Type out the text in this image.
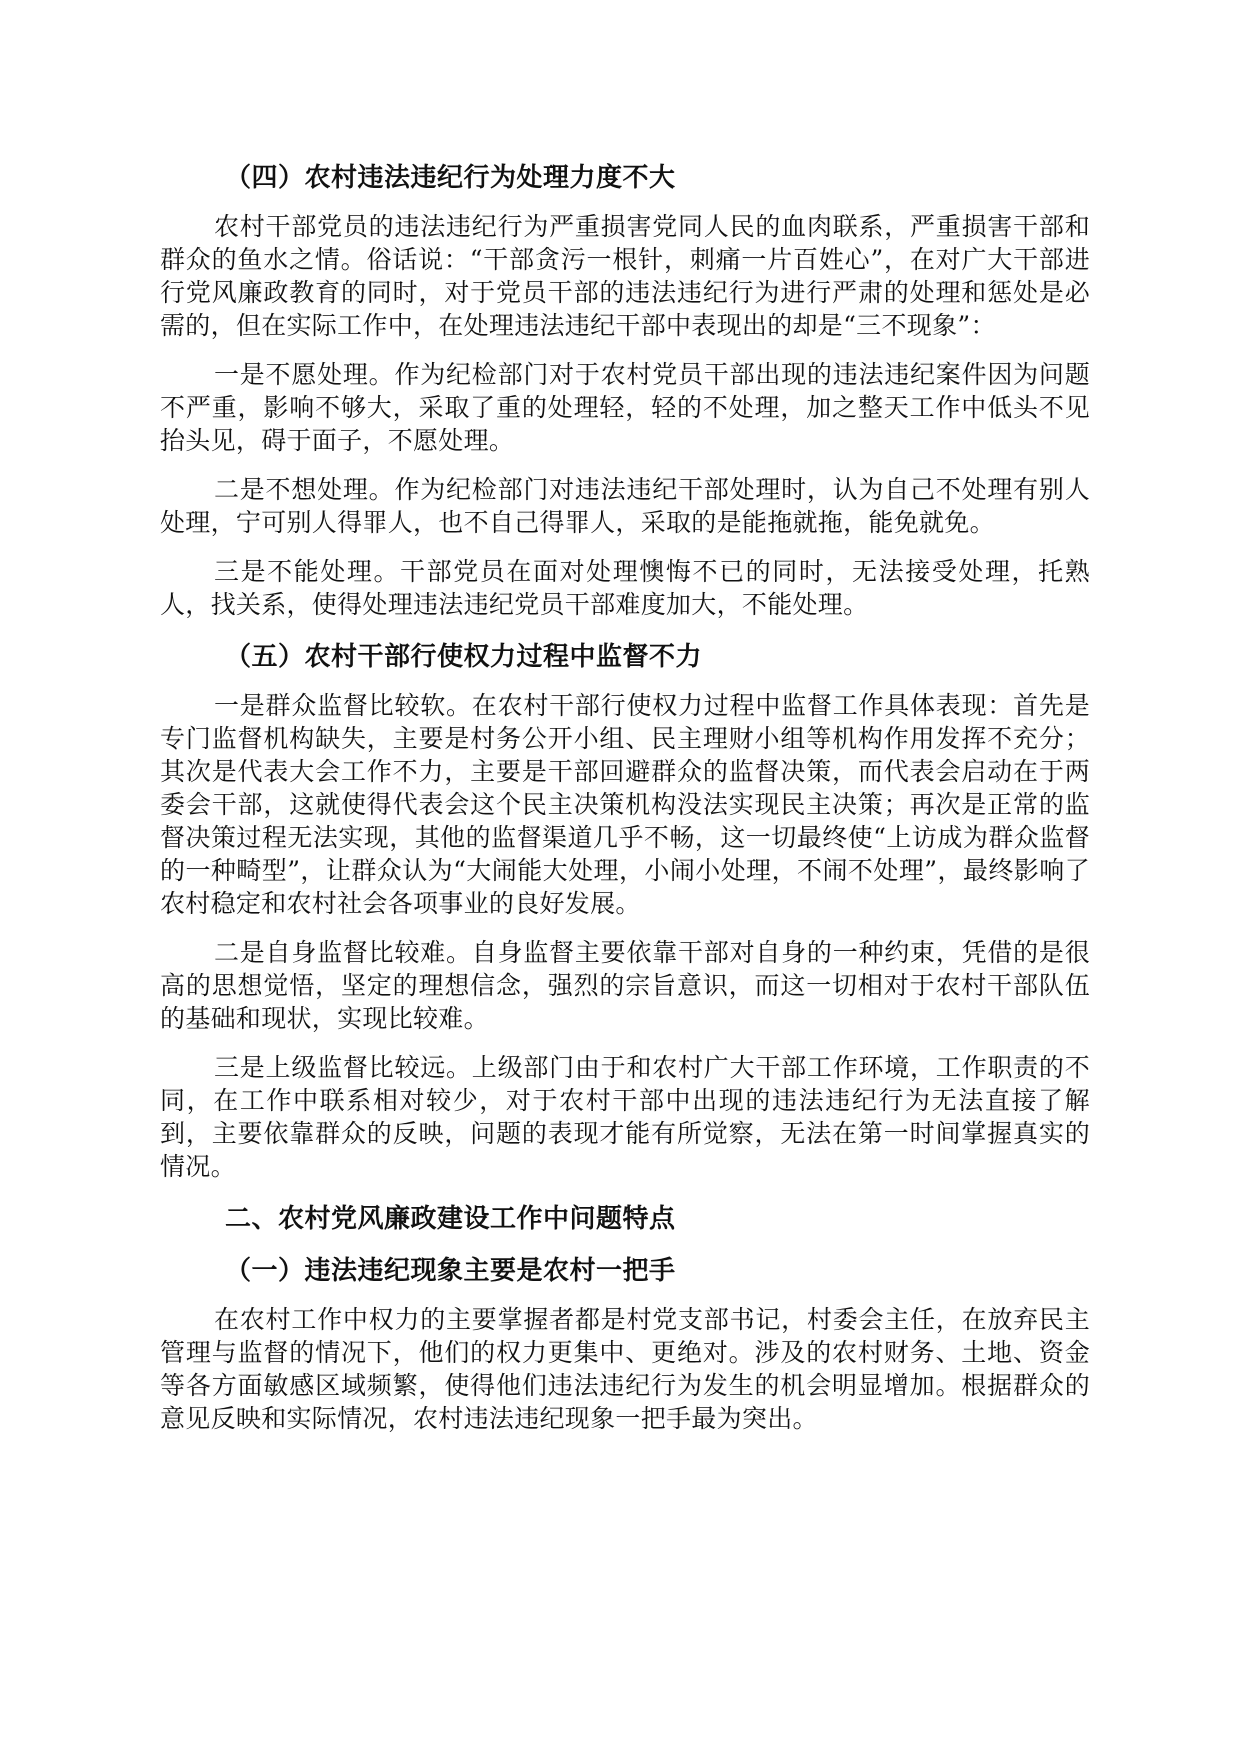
（四）农村违法违纪行为处理力度不大

农村干部党员的违法违纪行为严重损害党同人民的血肉联系，严重损害干部和群众的鱼水之情。俗话说：“干部贪污一根针，刺痛一片百姓心”，在对广大干部进行党风廉政教育的同时，对于党员干部的违法违纪行为进行严肃的处理和惩处是必需的，但在实际工作中，在处理违法违纪干部中表现出的却是“三不现象”：

一是不愿处理。作为纪检部门对于农村党员干部出现的违法违纪案件因为问题不严重，影响不够大，采取了重的处理轻，轻的不处理，加之整天工作中低头不见抬头见，碍于面子，不愿处理。

二是不想处理。作为纪检部门对违法违纪干部处理时，认为自己不处理有别人处理，宁可别人得罪人，也不自己得罪人，采取的是能拖就拖，能免就免。

三是不能处理。干部党员在面对处理懊悔不已的同时，无法接受处理，托熟人，找关系，使得处理违法违纪党员干部难度加大，不能处理。

（五）农村干部行使权力过程中监督不力

一是群众监督比较软。在农村干部行使权力过程中监督工作具体表现：首先是专门监督机构缺失，主要是村务公开小组、民主理财小组等机构作用发挥不充分；其次是代表大会工作不力，主要是干部回避群众的监督决策，而代表会启动在于两委会干部，这就使得代表会这个民主决策机构没法实现民主决策；再次是正常的监督决策过程无法实现，其他的监督渠道几乎不畅，这一切最终使“上访成为群众监督的一种畸型”，让群众认为“大闹能大处理，小闹小处理，不闹不处理”，最终影响了农村稳定和农村社会各项事业的良好发展。

二是自身监督比较难。自身监督主要依靠干部对自身的一种约束，凭借的是很高的思想觉悟，坚定的理想信念，强烈的宗旨意识，而这一切相对于农村干部队伍的基础和现状，实现比较难。

三是上级监督比较远。上级部门由于和农村广大干部工作环境，工作职责的不同，在工作中联系相对较少，对于农村干部中出现的违法违纪行为无法直接了解到，主要依靠群众的反映，问题的表现才能有所觉察，无法在第一时间掌握真实的情况。

二、农村党风廉政建设工作中问题特点
（一）违法违纪现象主要是农村一把手

在农村工作中权力的主要掌握者都是村党支部书记，村委会主任，在放弃民主管理与监督的情况下，他们的权力更集中、更绝对。涉及的农村财务、土地、资金等各方面敏感区域频繁，使得他们违法违纪行为发生的机会明显增加。根据群众的意见反映和实际情况，农村违法违纪现象一把手最为突出。
